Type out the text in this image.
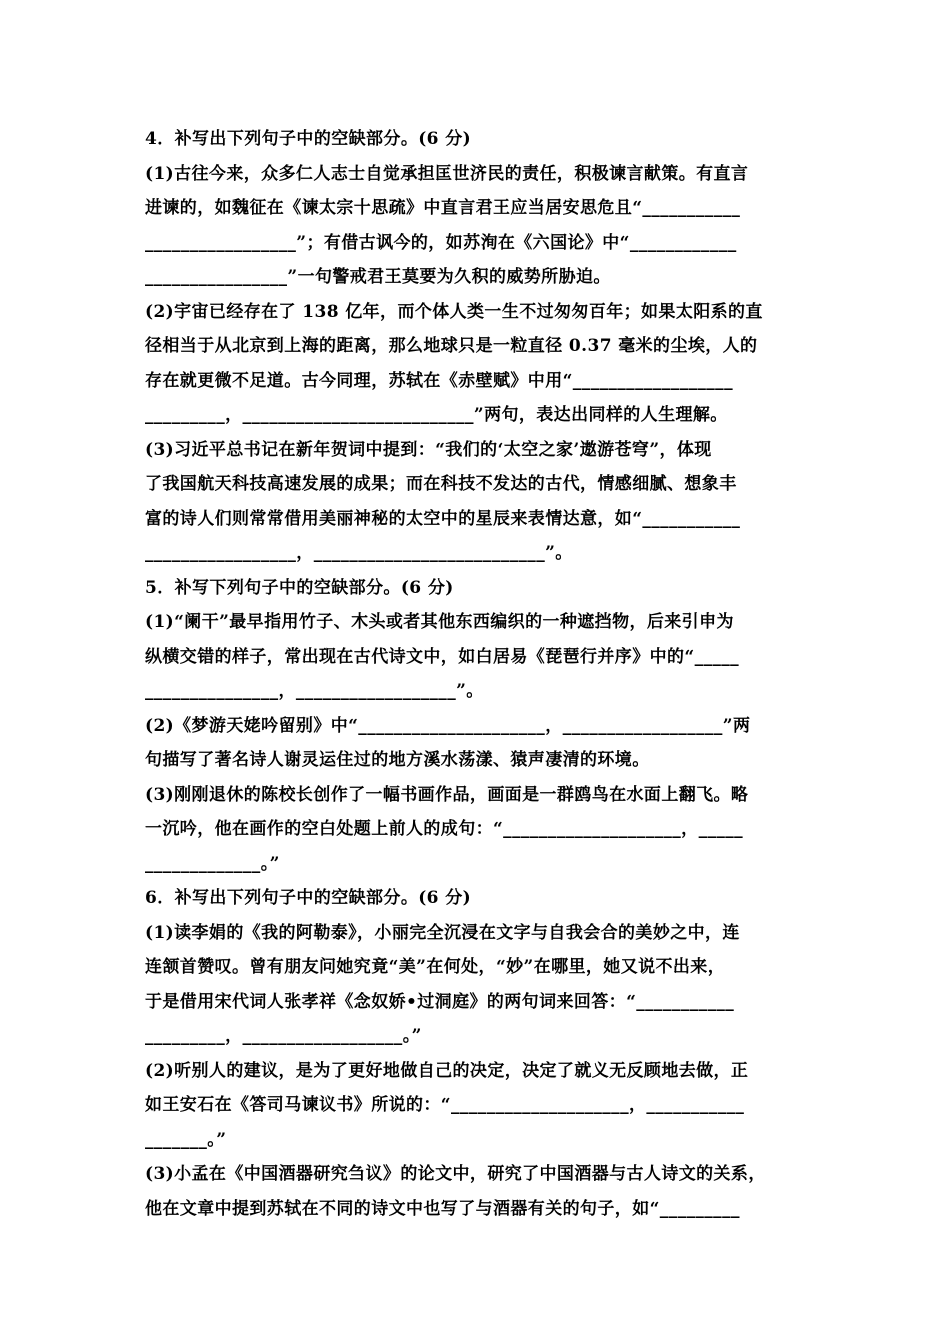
4．补写出下列句子中的空缺部分。(6 分)
(1)古往今来，众多仁人志士自觉承担匡世济民的责任，积极谏言献策。有直言
进谏的，如魏征在《谏太宗十思疏》中直言君王应当居安思危且“___________
_________________”；有借古讽今的，如苏洵在《六国论》中“____________
________________”一句警戒君王莫要为久积的威势所胁迫。
(2)宇宙已经存在了 138 亿年，而个体人类一生不过匆匆百年；如果太阳系的直
径相当于从北京到上海的距离，那么地球只是一粒直径 0.37 毫米的尘埃，人的
存在就更微不足道。古今同理，苏轼在《赤壁赋》中用“__________________
_________，__________________________”两句，表达出同样的人生理解。
(3)习近平总书记在新年贺词中提到：“我们的‘太空之家’遨游苍穹”，体现
了我国航天科技高速发展的成果；而在科技不发达的古代，情感细腻、想象丰
富的诗人们则常常借用美丽神秘的太空中的星辰来表情达意，如“___________
_________________，__________________________”。
5．补写下列句子中的空缺部分。(6 分)
(1)“阑干”最早指用竹子、木头或者其他东西编织的一种遮挡物，后来引申为
纵横交错的样子，常出现在古代诗文中，如白居易《琵琶行并序》中的“_____
_______________，__________________”。
(2)《梦游天姥吟留别》中“_____________________，__________________”两
句描写了著名诗人谢灵运住过的地方溪水荡漾、猿声凄清的环境。
(3)刚刚退休的陈校长创作了一幅书画作品，画面是一群鸥鸟在水面上翻飞。略
一沉吟，他在画作的空白处题上前人的成句：“____________________，_____
_____________。”
6．补写出下列句子中的空缺部分。(6 分)
(1)读李娟的《我的阿勒泰》，小丽完全沉浸在文字与自我会合的美妙之中，连
连颔首赞叹。曾有朋友问她究竟“美”在何处，“妙”在哪里，她又说不出来，
于是借用宋代词人张孝祥《念奴娇•过洞庭》的两句词来回答：“___________
_________，__________________。”
(2)听别人的建议，是为了更好地做自己的决定，决定了就义无反顾地去做，正
如王安石在《答司马谏议书》所说的：“____________________，___________
_______。”
(3)小孟在《中国酒器研究刍议》的论文中，研究了中国酒器与古人诗文的关系，
他在文章中提到苏轼在不同的诗文中也写了与酒器有关的句子，如“_________
